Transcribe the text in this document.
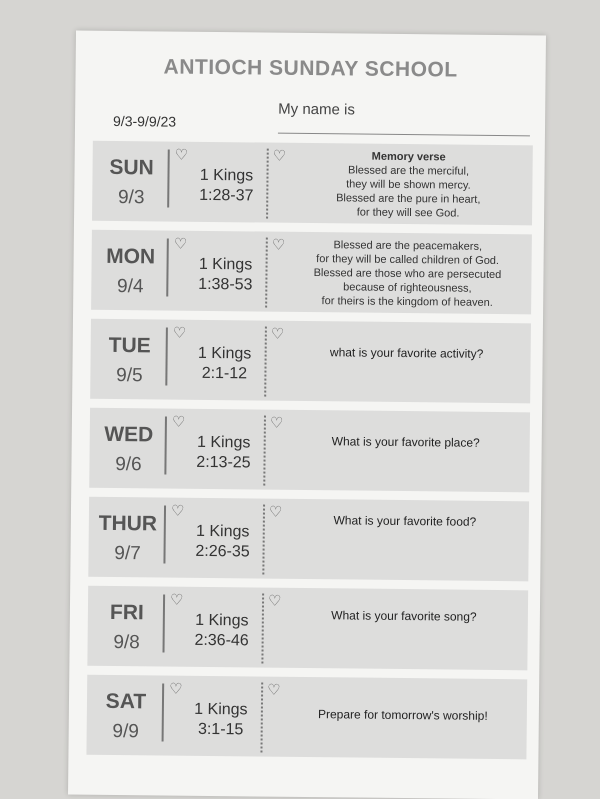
ANTIOCH SUNDAY SCHOOL
9/3-9/9/23
My name is
SUN
9/3
♡
1 Kings
1:28-37
♡	Memory verse
Blessed are the merciful,
they will be shown mercy.
Blessed are the pure in heart,
for they will see God.
MON
9/4
♡
1 Kings
1:38-53
♡	Blessed are the peacemakers,
for they will be called children of God.
Blessed are those who are persecuted
because of righteousness,
for theirs is the kingdom of heaven.
TUE
9/5
♡
1 Kings
2:1-12
♡
what is your favorite activity?
WED
9/6
♡
1 Kings
2:13-25
♡
What is your favorite place?
THUR
9/7
♡
1 Kings
2:26-35
♡
What is your favorite food?
FRI
9/8
♡
1 Kings
2:36-46
♡
What is your favorite song?
SAT
9/9
♡
1 Kings
3:1-15
♡
Prepare for tomorrow's worship!
